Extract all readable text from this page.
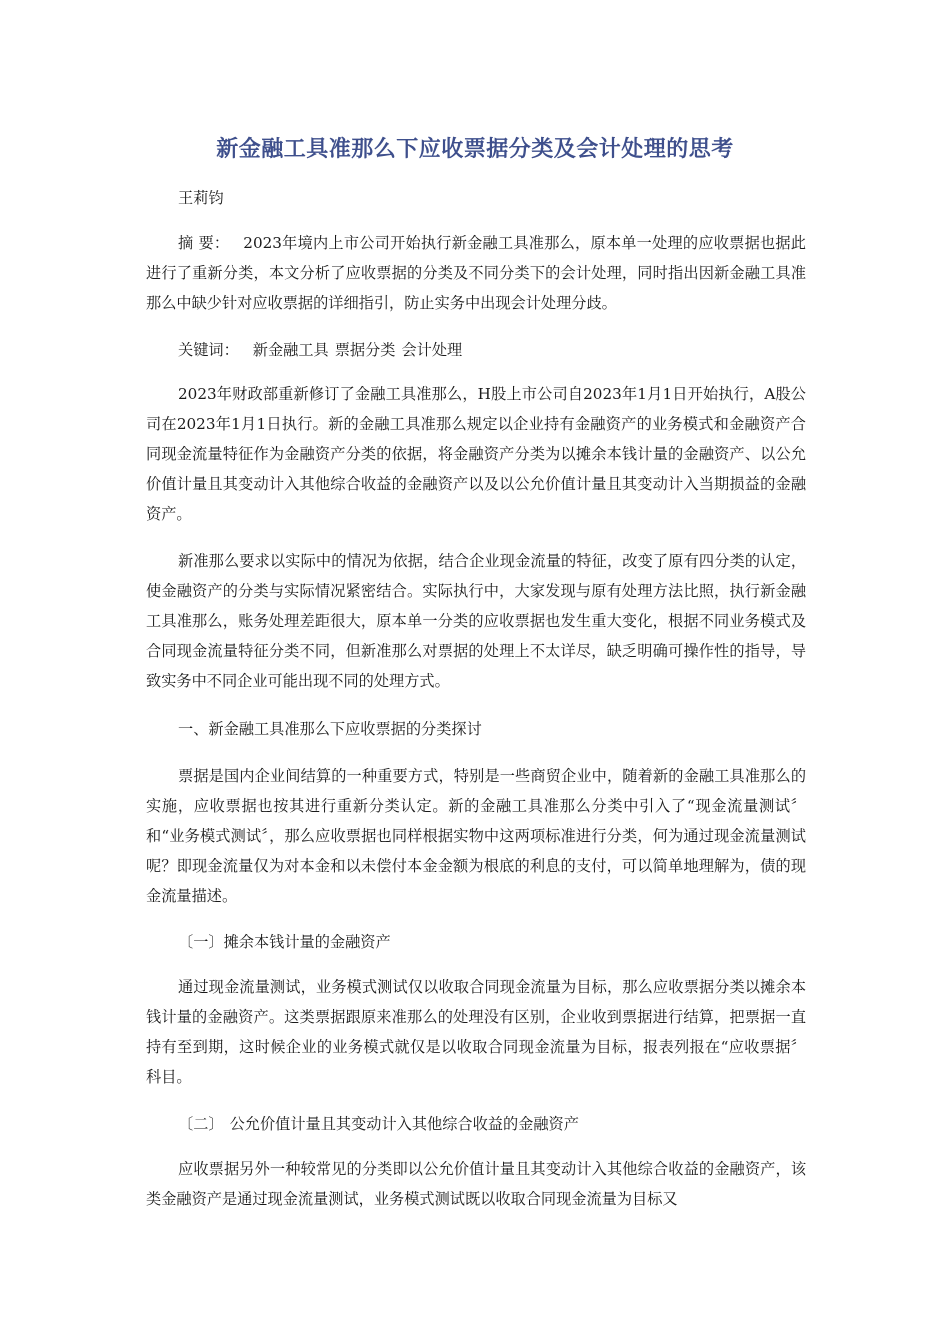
新金融工具准那么下应收票据分类及会计处理的思考

王莉钧

摘 要： 2023年境内上市公司开始执行新金融工具准那么，原本单一处理的应收票据也据此进行了重新分类，本文分析了应收票据的分类及不同分类下的会计处理，同时指出因新金融工具准那么中缺少针对应收票据的详细指引，防止实务中出现会计处理分歧。

关键词： 新金融工具 票据分类 会计处理

2023年财政部重新修订了金融工具准那么，H股上市公司自2023年1月1日开始执行，A股公司在2023年1月1日执行。新的金融工具准那么规定以企业持有金融资产的业务模式和金融资产合同现金流量特征作为金融资产分类的依据，将金融资产分类为以摊余本钱计量的金融资产、以公允价值计量且其变动计入其他综合收益的金融资产以及以公允价值计量且其变动计入当期损益的金融资产。

新准那么要求以实际中的情况为依据，结合企业现金流量的特征，改变了原有四分类的认定，使金融资产的分类与实际情况紧密结合。实际执行中，大家发现与原有处理方法比照，执行新金融工具准那么，账务处理差距很大，原本单一分类的应收票据也发生重大变化，根据不同业务模式及合同现金流量特征分类不同，但新准那么对票据的处理上不太详尽，缺乏明确可操作性的指导，导致实务中不同企业可能出现不同的处理方式。

一、新金融工具准那么下应收票据的分类探讨

票据是国内企业间结算的一种重要方式，特别是一些商贸企业中，随着新的金融工具准那么的实施，应收票据也按其进行重新分类认定。新的金融工具准那么分类中引入了“现金流量测试〞和“业务模式测试〞，那么应收票据也同样根据实物中这两项标准进行分类，何为通过现金流量测试呢？即现金流量仅为对本金和以未偿付本金金额为根底的利息的支付，可以简单地理解为，债的现金流量描述。

〔一〕摊余本钱计量的金融资产

通过现金流量测试，业务模式测试仅以收取合同现金流量为目标，那么应收票据分类以摊余本钱计量的金融资产。这类票据跟原来准那么的处理没有区别，企业收到票据进行结算，把票据一直持有至到期，这时候企业的业务模式就仅是以收取合同现金流量为目标，报表列报在“应收票据〞科目。

〔二〕 公允价值计量且其变动计入其他综合收益的金融资产

应收票据另外一种较常见的分类即以公允价值计量且其变动计入其他综合收益的金融资产，该类金融资产是通过现金流量测试，业务模式测试既以收取合同现金流量为目标又
